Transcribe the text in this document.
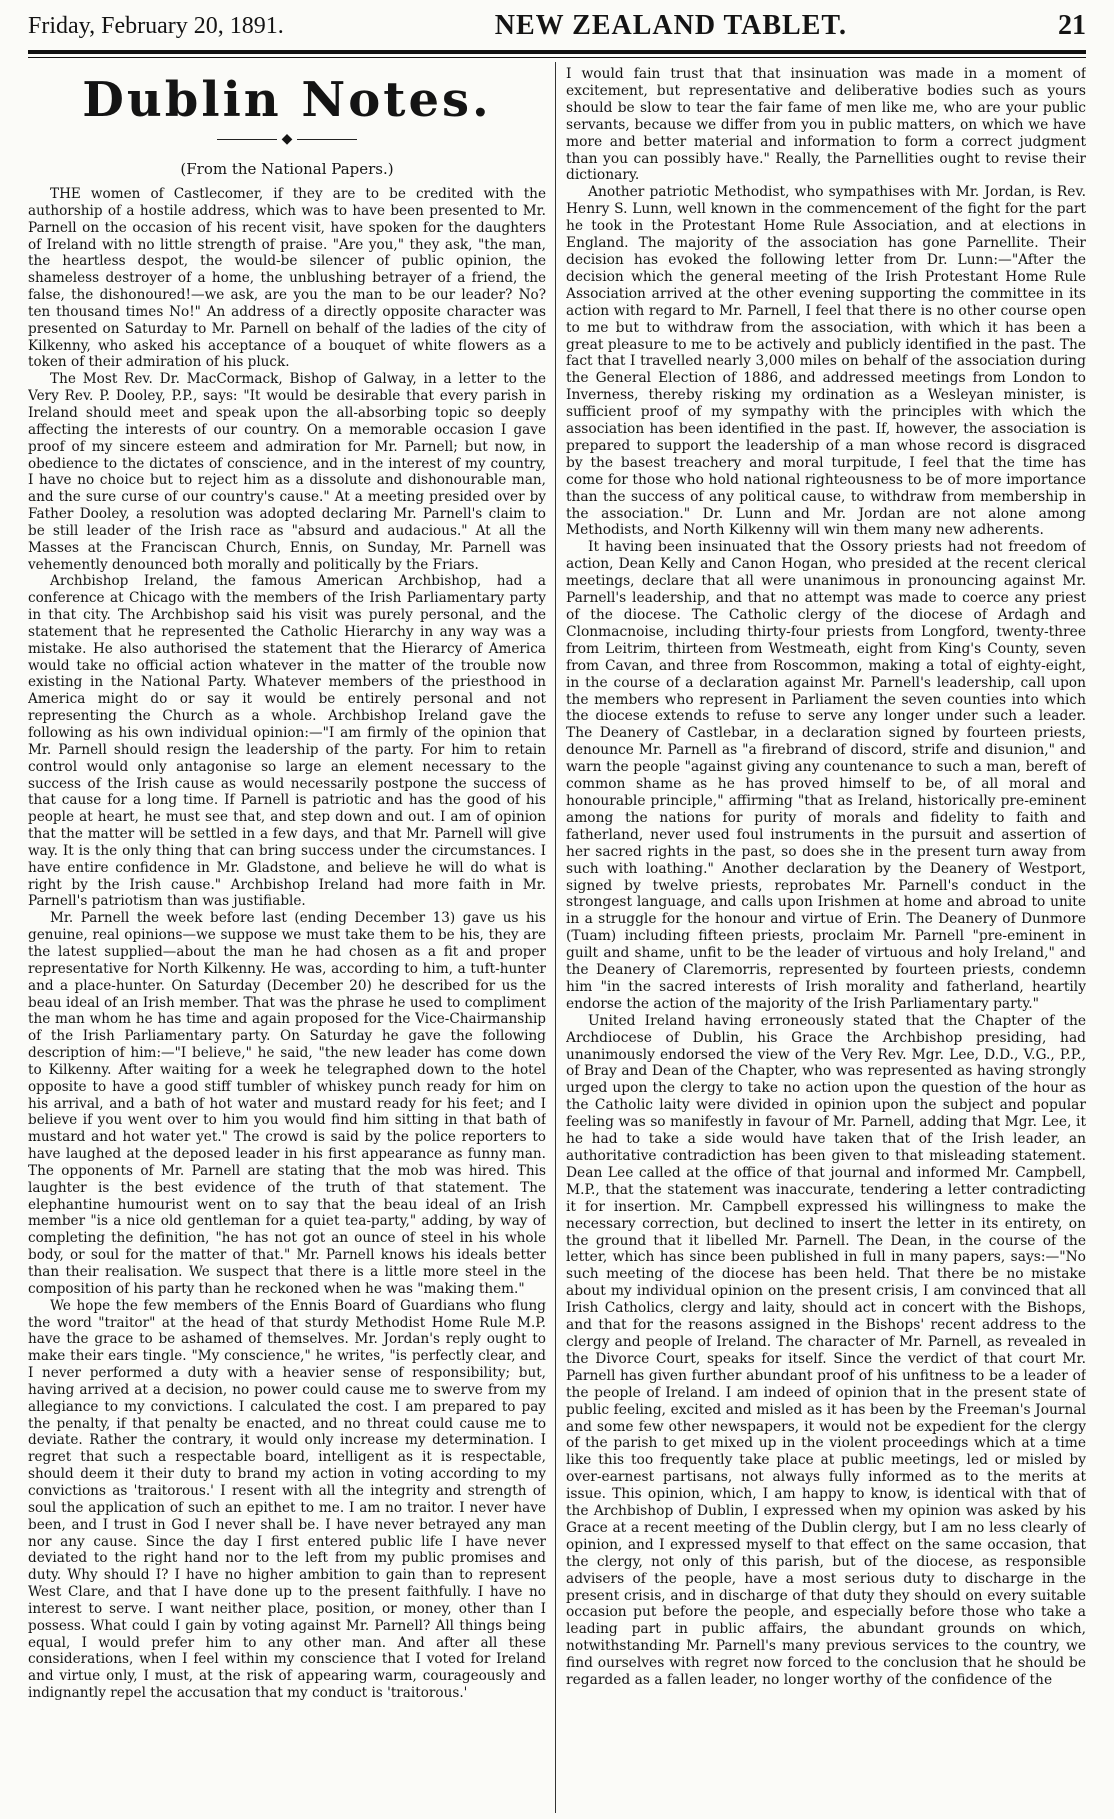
Friday, February 20, 1891.	NEW ZEALAND TABLET.	21
Dublin Notes.
◆
(From the National Papers.)

THE women of Castlecomer, if they are to be credited with the authorship of a hostile address, which was to have been presented to Mr. Parnell on the occasion of his recent visit, have spoken for the daughters of Ireland with no little strength of praise. "Are you," they ask, "the man, the heartless despot, the would-be silencer of public opinion, the shameless destroyer of a home, the unblushing betrayer of a friend, the false, the dishonoured!—we ask, are you the man to be our leader? No? ten thousand times No!" An address of a directly opposite character was presented on Saturday to Mr. Parnell on behalf of the ladies of the city of Kilkenny, who asked his acceptance of a bouquet of white flowers as a token of their admiration of his pluck.

The Most Rev. Dr. MacCormack, Bishop of Galway, in a letter to the Very Rev. P. Dooley, P.P., says: "It would be desirable that every parish in Ireland should meet and speak upon the all-absorbing topic so deeply affecting the interests of our country. On a memorable occasion I gave proof of my sincere esteem and admiration for Mr. Parnell; but now, in obedience to the dictates of conscience, and in the interest of my country, I have no choice but to reject him as a dissolute and dishonourable man, and the sure curse of our country's cause." At a meeting presided over by Father Dooley, a resolution was adopted declaring Mr. Parnell's claim to be still leader of the Irish race as "absurd and audacious." At all the Masses at the Franciscan Church, Ennis, on Sunday, Mr. Parnell was vehemently denounced both morally and politically by the Friars.

Archbishop Ireland, the famous American Archbishop, had a conference at Chicago with the members of the Irish Parliamentary party in that city. The Archbishop said his visit was purely personal, and the statement that he represented the Catholic Hierarchy in any way was a mistake. He also authorised the statement that the Hierarcy of America would take no official action whatever in the matter of the trouble now existing in the National Party. Whatever members of the priesthood in America might do or say it would be entirely personal and not representing the Church as a whole. Archbishop Ireland gave the following as his own individual opinion:—"I am firmly of the opinion that Mr. Parnell should resign the leadership of the party. For him to retain control would only antagonise so large an element necessary to the success of the Irish cause as would necessarily postpone the success of that cause for a long time. If Parnell is patriotic and has the good of his people at heart, he must see that, and step down and out. I am of opinion that the matter will be settled in a few days, and that Mr. Parnell will give way. It is the only thing that can bring success under the circumstances. I have entire confidence in Mr. Gladstone, and believe he will do what is right by the Irish cause." Archbishop Ireland had more faith in Mr. Parnell's patriotism than was justifiable.

Mr. Parnell the week before last (ending December 13) gave us his genuine, real opinions—we suppose we must take them to be his, they are the latest supplied—about the man he had chosen as a fit and proper representative for North Kilkenny. He was, according to him, a tuft-hunter and a place-hunter. On Saturday (December 20) he described for us the beau ideal of an Irish member. That was the phrase he used to compliment the man whom he has time and again proposed for the Vice-Chairmanship of the Irish Parliamentary party. On Saturday he gave the following description of him:—"I believe," he said, "the new leader has come down to Kilkenny. After waiting for a week he telegraphed down to the hotel opposite to have a good stiff tumbler of whiskey punch ready for him on his arrival, and a bath of hot water and mustard ready for his feet; and I believe if you went over to him you would find him sitting in that bath of mustard and hot water yet." The crowd is said by the police reporters to have laughed at the deposed leader in his first appearance as funny man. The opponents of Mr. Parnell are stating that the mob was hired. This laughter is the best evidence of the truth of that statement. The elephantine humourist went on to say that the beau ideal of an Irish member "is a nice old gentleman for a quiet tea-party," adding, by way of completing the definition, "he has not got an ounce of steel in his whole body, or soul for the matter of that." Mr. Parnell knows his ideals better than their realisation. We suspect that there is a little more steel in the composition of his party than he reckoned when he was "making them."

We hope the few members of the Ennis Board of Guardians who flung the word "traitor" at the head of that sturdy Methodist Home Rule M.P. have the grace to be ashamed of themselves. Mr. Jordan's reply ought to make their ears tingle. "My conscience," he writes, "is perfectly clear, and I never performed a duty with a heavier sense of responsibility; but, having arrived at a decision, no power could cause me to swerve from my allegiance to my convictions. I calculated the cost. I am prepared to pay the penalty, if that penalty be enacted, and no threat could cause me to deviate. Rather the contrary, it would only increase my determination. I regret that such a respectable board, intelligent as it is respectable, should deem it their duty to brand my action in voting according to my convictions as 'traitorous.' I resent with all the integrity and strength of soul the application of such an epithet to me. I am no traitor. I never have been, and I trust in God I never shall be. I have never betrayed any man nor any cause. Since the day I first entered public life I have never deviated to the right hand nor to the left from my public promises and duty. Why should I? I have no higher ambition to gain than to represent West Clare, and that I have done up to the present faithfully. I have no interest to serve. I want neither place, position, or money, other than I possess. What could I gain by voting against Mr. Parnell? All things being equal, I would prefer him to any other man. And after all these considerations, when I feel within my conscience that I voted for Ireland and virtue only, I must, at the risk of appearing warm, courageously and indignantly repel the accusation that my conduct is 'traitorous.'

I would fain trust that that insinuation was made in a moment of excitement, but representative and deliberative bodies such as yours should be slow to tear the fair fame of men like me, who are your public servants, because we differ from you in public matters, on which we have more and better material and information to form a correct judgment than you can possibly have." Really, the Parnellities ought to revise their dictionary.

Another patriotic Methodist, who sympathises with Mr. Jordan, is Rev. Henry S. Lunn, well known in the commencement of the fight for the part he took in the Protestant Home Rule Association, and at elections in England. The majority of the association has gone Parnellite. Their decision has evoked the following letter from Dr. Lunn:—"After the decision which the general meeting of the Irish Protestant Home Rule Association arrived at the other evening supporting the committee in its action with regard to Mr. Parnell, I feel that there is no other course open to me but to withdraw from the association, with which it has been a great pleasure to me to be actively and publicly identified in the past. The fact that I travelled nearly 3,000 miles on behalf of the association during the General Election of 1886, and addressed meetings from London to Inverness, thereby risking my ordination as a Wesleyan minister, is sufficient proof of my sympathy with the principles with which the association has been identified in the past. If, however, the association is prepared to support the leadership of a man whose record is disgraced by the basest treachery and moral turpitude, I feel that the time has come for those who hold national righteousness to be of more importance than the success of any political cause, to withdraw from membership in the association." Dr. Lunn and Mr. Jordan are not alone among Methodists, and North Kilkenny will win them many new adherents.

It having been insinuated that the Ossory priests had not freedom of action, Dean Kelly and Canon Hogan, who presided at the recent clerical meetings, declare that all were unanimous in pronouncing against Mr. Parnell's leadership, and that no attempt was made to coerce any priest of the diocese. The Catholic clergy of the diocese of Ardagh and Clonmacnoise, including thirty-four priests from Longford, twenty-three from Leitrim, thirteen from Westmeath, eight from King's County, seven from Cavan, and three from Roscommon, making a total of eighty-eight, in the course of a declaration against Mr. Parnell's leadership, call upon the members who represent in Parliament the seven counties into which the diocese extends to refuse to serve any longer under such a leader. The Deanery of Castlebar, in a declaration signed by fourteen priests, denounce Mr. Parnell as "a firebrand of discord, strife and disunion," and warn the people "against giving any countenance to such a man, bereft of common shame as he has proved himself to be, of all moral and honourable principle," affirming "that as Ireland, historically pre-eminent among the nations for purity of morals and fidelity to faith and fatherland, never used foul instruments in the pursuit and assertion of her sacred rights in the past, so does she in the present turn away from such with loathing." Another declaration by the Deanery of Westport, signed by twelve priests, reprobates Mr. Parnell's conduct in the strongest language, and calls upon Irishmen at home and abroad to unite in a struggle for the honour and virtue of Erin. The Deanery of Dunmore (Tuam) including fifteen priests, proclaim Mr. Parnell "pre-eminent in guilt and shame, unfit to be the leader of virtuous and holy Ireland," and the Deanery of Claremorris, represented by fourteen priests, condemn him "in the sacred interests of Irish morality and fatherland, heartily endorse the action of the majority of the Irish Parliamentary party."

United Ireland having erroneously stated that the Chapter of the Archdiocese of Dublin, his Grace the Archbishop presiding, had unanimously endorsed the view of the Very Rev. Mgr. Lee, D.D., V.G., P.P., of Bray and Dean of the Chapter, who was represented as having strongly urged upon the clergy to take no action upon the question of the hour as the Catholic laity were divided in opinion upon the subject and popular feeling was so manifestly in favour of Mr. Parnell, adding that Mgr. Lee, it he had to take a side would have taken that of the Irish leader, an authoritative contradiction has been given to that misleading statement. Dean Lee called at the office of that journal and informed Mr. Campbell, M.P., that the statement was inaccurate, tendering a letter contradicting it for insertion. Mr. Campbell expressed his willingness to make the necessary correction, but declined to insert the letter in its entirety, on the ground that it libelled Mr. Parnell. The Dean, in the course of the letter, which has since been published in full in many papers, says:—"No such meeting of the diocese has been held. That there be no mistake about my individual opinion on the present crisis, I am convinced that all Irish Catholics, clergy and laity, should act in concert with the Bishops, and that for the reasons assigned in the Bishops' recent address to the clergy and people of Ireland. The character of Mr. Parnell, as revealed in the Divorce Court, speaks for itself. Since the verdict of that court Mr. Parnell has given further abundant proof of his unfitness to be a leader of the people of Ireland. I am indeed of opinion that in the present state of public feeling, excited and misled as it has been by the Freeman's Journal and some few other newspapers, it would not be expedient for the clergy of the parish to get mixed up in the violent proceedings which at a time like this too frequently take place at public meetings, led or misled by over-earnest partisans, not always fully informed as to the merits at issue. This opinion, which, I am happy to know, is identical with that of the Archbishop of Dublin, I expressed when my opinion was asked by his Grace at a recent meeting of the Dublin clergy, but I am no less clearly of opinion, and I expressed myself to that effect on the same occasion, that the clergy, not only of this parish, but of the diocese, as responsible advisers of the people, have a most serious duty to discharge in the present crisis, and in discharge of that duty they should on every suitable occasion put before the people, and especially before those who take a leading part in public affairs, the abundant grounds on which, notwithstanding Mr. Parnell's many previous services to the country, we find ourselves with regret now forced to the conclusion that he should be regarded as a fallen leader, no longer worthy of the confidence of the
